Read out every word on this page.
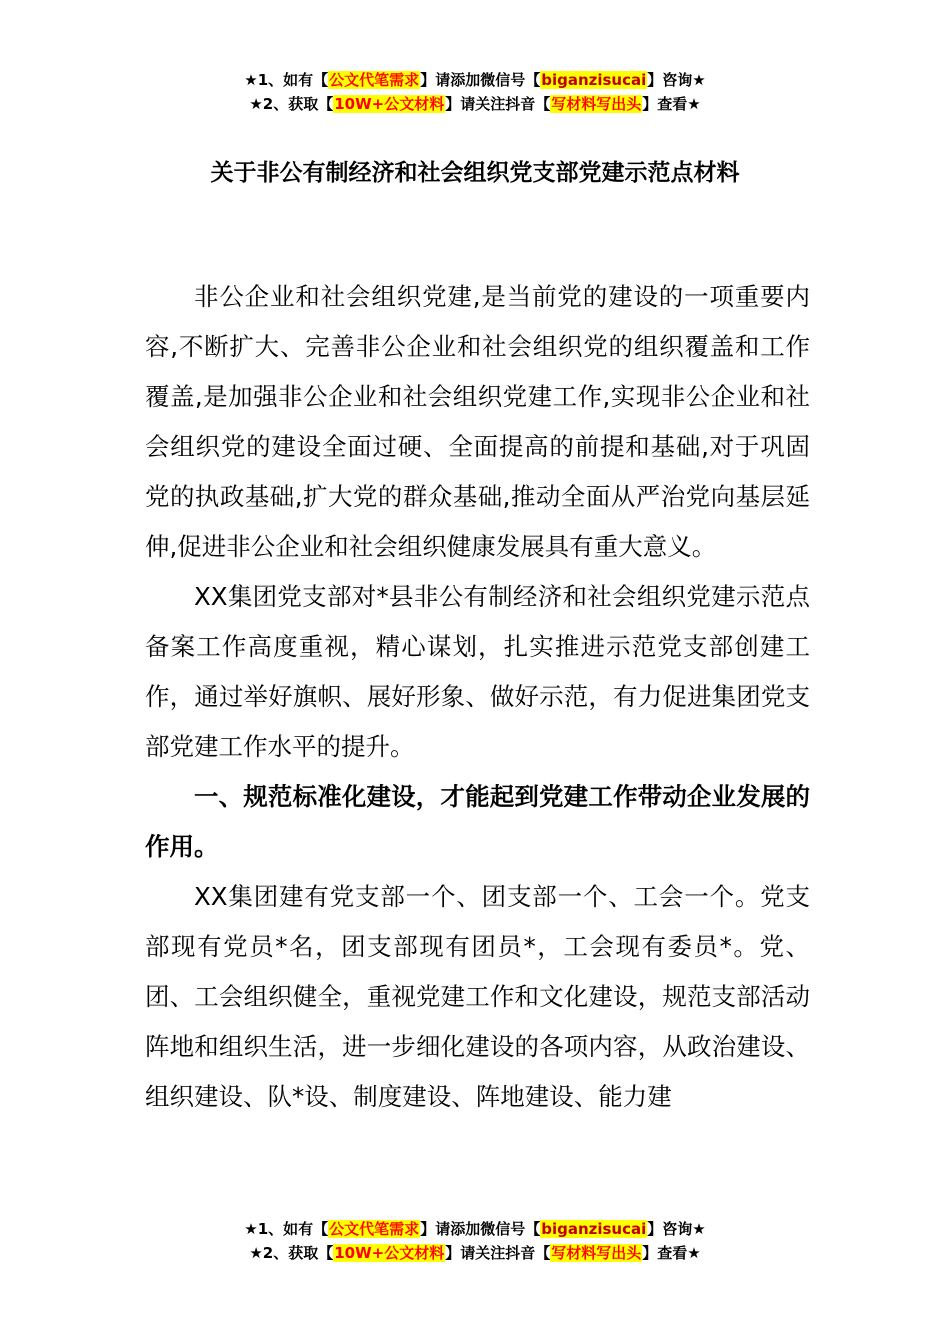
★1、如有【公文代笔需求】请添加微信号【biganzisucai】咨询★
★2、获取【10W+公文材料】请关注抖音【写材料写出头】查看★
关于非公有制经济和社会组织党支部党建示范点材料

非公企业和社会组织党建,是当前党的建设的一项重要内容,不断扩大、完善非公企业和社会组织党的组织覆盖和工作覆盖,是加强非公企业和社会组织党建工作,实现非公企业和社会组织党的建设全面过硬、全面提高的前提和基础,对于巩固党的执政基础,扩大党的群众基础,推动全面从严治党向基层延伸,促进非公企业和社会组织健康发展具有重大意义。

XX集团党支部对*县非公有制经济和社会组织党建示范点备案工作高度重视，精心谋划，扎实推进示范党支部创建工作，通过举好旗帜、展好形象、做好示范，有力促进集团党支部党建工作水平的提升。

一、规范标准化建设，才能起到党建工作带动企业发展的作用。

XX集团建有党支部一个、团支部一个、工会一个。党支部现有党员*名，团支部现有团员*，工会现有委员*。党、团、工会组织健全，重视党建工作和文化建设，规范支部活动阵地和组织生活，进一步细化建设的各项内容，从政治建设、组织建设、队*设、制度建设、阵地建设、能力建

★1、如有【公文代笔需求】请添加微信号【biganzisucai】咨询★
★2、获取【10W+公文材料】请关注抖音【写材料写出头】查看★
